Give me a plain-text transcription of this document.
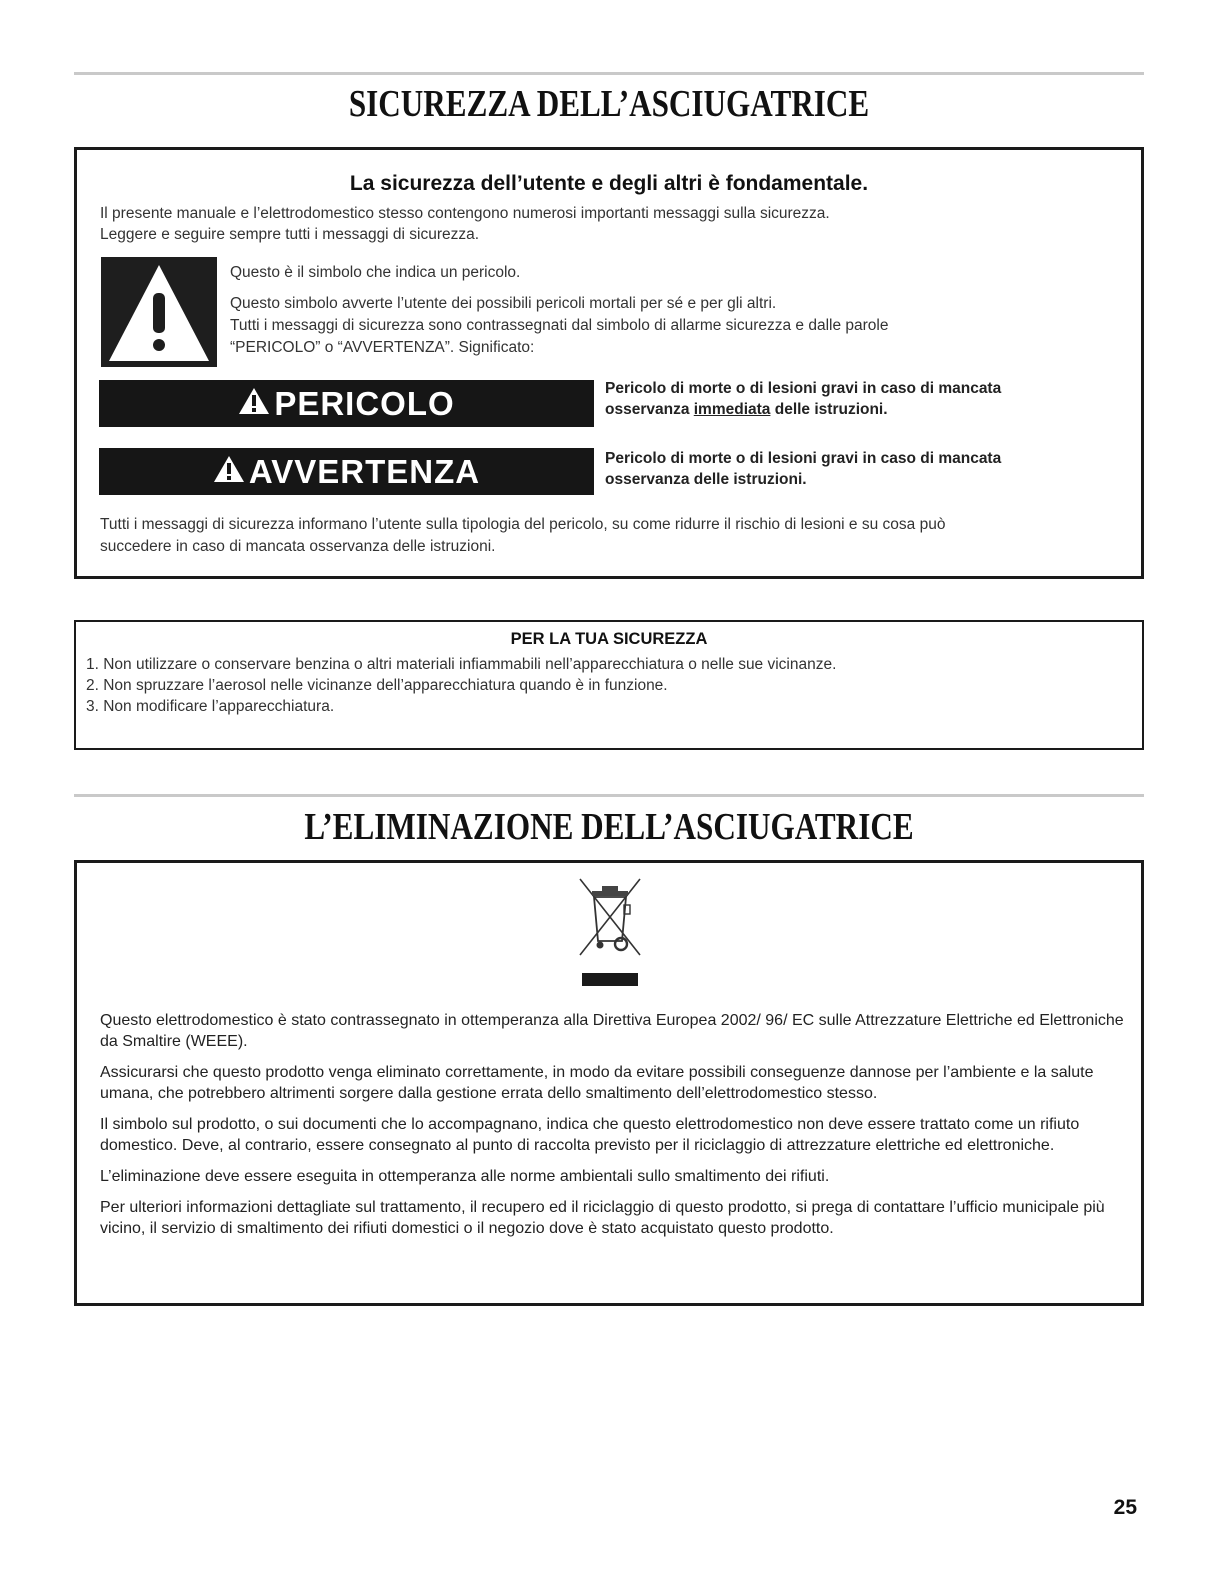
SICUREZZA DELL’ASCIUGATRICE
La sicurezza dell’utente e degli altri è fondamentale.
Il presente manuale e l’elettrodomestico stesso contengono numerosi importanti messaggi sulla sicurezza.
Leggere e seguire sempre tutti i messaggi di sicurezza.
Questo è il simbolo che indica un pericolo.
Questo simbolo avverte l’utente dei possibili pericoli mortali per sé e per gli altri.
Tutti i messaggi di sicurezza sono contrassegnati dal simbolo di allarme sicurezza e dalle parole
“PERICOLO” o “AVVERTENZA”. Significato:
PERICOLO	Pericolo di morte o di lesioni gravi in caso di mancata
osservanza immediata delle istruzioni.
AVVERTENZA	Pericolo di morte o di lesioni gravi in caso di mancata
osservanza delle istruzioni.
Tutti i messaggi di sicurezza informano l’utente sulla tipologia del pericolo, su come ridurre il rischio di lesioni e su cosa può
succedere in caso di mancata osservanza delle istruzioni.
PER LA TUA SICUREZZA
1. Non utilizzare o conservare benzina o altri materiali infiammabili nell’apparecchiatura o nelle sue vicinanze.
2. Non spruzzare l’aerosol nelle vicinanze dell’apparecchiatura quando è in funzione.
3. Non modificare l’apparecchiatura.
L’ELIMINAZIONE DELL’ASCIUGATRICE

Questo elettrodomestico è stato contrassegnato in ottemperanza alla Direttiva Europea 2002/ 96/ EC sulle Attrezzature Elettriche ed Elettroniche da Smaltire (WEEE).

Assicurarsi che questo prodotto venga eliminato correttamente, in modo da evitare possibili conseguenze dannose per l’ambiente e la salute umana, che potrebbero altrimenti sorgere dalla gestione errata dello smaltimento dell’elettrodomestico stesso.

Il simbolo sul prodotto, o sui documenti che lo accompagnano, indica che questo elettrodomestico non deve essere trattato come un rifiuto domestico. Deve, al contrario, essere consegnato al punto di raccolta previsto per il riciclaggio di attrezzature elettriche ed elettroniche.

L’eliminazione deve essere eseguita in ottemperanza alle norme ambientali sullo smaltimento dei rifiuti.

Per ulteriori informazioni dettagliate sul trattamento, il recupero ed il riciclaggio di questo prodotto, si prega di contattare l’ufficio municipale più vicino, il servizio di smaltimento dei rifiuti domestici o il negozio dove è stato acquistato questo prodotto.

25
